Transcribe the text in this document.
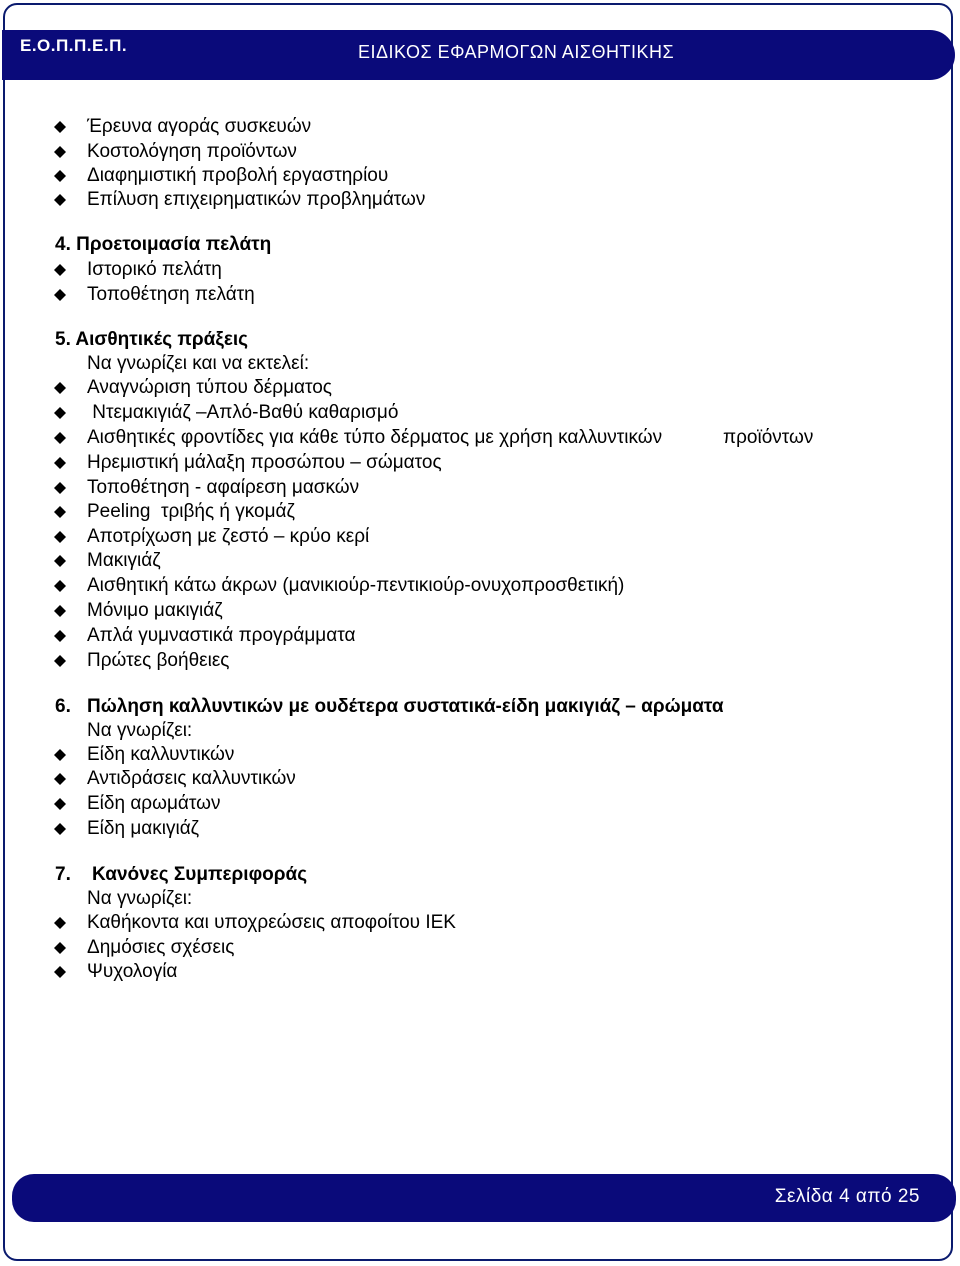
Ε.Ο.Π.Π.Ε.Π.	ΕΙΔΙΚΟΣ ΕΦΑΡΜΟΓΩΝ ΑΙΣΘΗΤΙΚΗΣ
Έρευνα αγοράς συσκευών
Κοστολόγηση προϊόντων
Διαφημιστική προβολή εργαστηρίου
Επίλυση επιχειρηματικών προβλημάτων
4. Προετοιμασία πελάτη
Ιστορικό πελάτη
Τοποθέτηση πελάτη
5. Αισθητικές πράξεις
Να γνωρίζει και να εκτελεί:
Αναγνώριση τύπου δέρματος
Ντεμακιγιάζ –Απλό-Βαθύ καθαρισμό
Αισθητικές φροντίδες για κάθε τύπο δέρματος με χρήση καλλυντικών	προϊόντων
Ηρεμιστική μάλαξη προσώπου – σώματος
Τοποθέτηση - αφαίρεση μασκών
Peeling  τριβής ή γκομάζ
Αποτρίχωση με ζεστό – κρύο κερί
Μακιγιάζ
Αισθητική κάτω άκρων (μανικιούρ-πεντικιούρ-ονυχοπροσθετική)
Μόνιμο μακιγιάζ
Απλά γυμναστικά προγράμματα
Πρώτες βοήθειες
6. Πώληση καλλυντικών με ουδέτερα συστατικά-είδη μακιγιάζ – αρώματα
Να γνωρίζει:
Είδη καλλυντικών
Αντιδράσεις καλλυντικών
Είδη αρωμάτων
Είδη μακιγιάζ
7. Κανόνες Συμπεριφοράς
Να γνωρίζει:
Καθήκοντα και υποχρεώσεις αποφοίτου ΙΕΚ
Δημόσιες σχέσεις
Ψυχολογία
Σελίδα 4 από 25
